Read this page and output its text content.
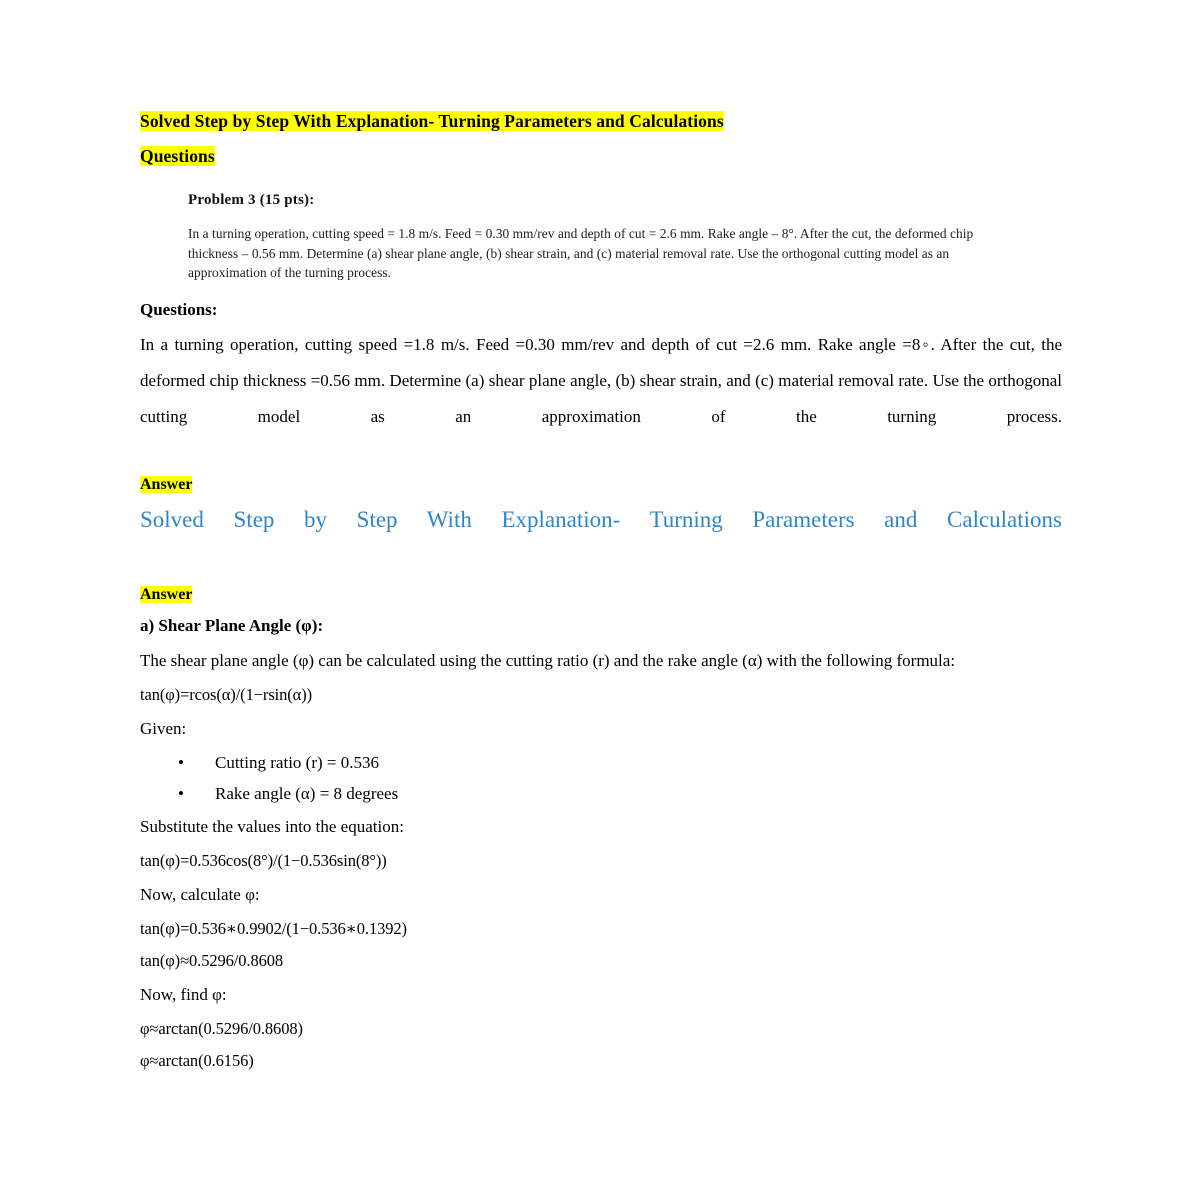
Solved Step by Step With Explanation- Turning Parameters and Calculations

Questions

Problem 3 (15 pts):

In a turning operation, cutting speed = 1.8 m/s. Feed = 0.30 mm/rev and depth of cut = 2.6 mm. Rake angle – 8°. After the cut, the deformed chip thickness – 0.56 mm. Determine (a) shear plane angle, (b) shear strain, and (c) material removal rate. Use the orthogonal cutting model as an approximation of the turning process.

Questions:

In a turning operation, cutting speed =1.8 m/s. Feed =0.30 mm/rev and depth of cut =2.6 mm. Rake angle =8◦. After the cut, the deformed chip thickness =0.56 mm. Determine (a) shear plane angle, (b) shear strain, and (c) material removal rate. Use the orthogonal cutting model as an approximation of the turning process.

Answer

Solved Step by Step With Explanation- Turning Parameters and Calculations

Answer

a) Shear Plane Angle (φ):

The shear plane angle (φ) can be calculated using the cutting ratio (r) and the rake angle (α) with the following formula:

tan(φ)=rcos(α)/(1−rsin(α))

Given:

• Cutting ratio (r) = 0.536
• Rake angle (α) = 8 degrees

Substitute the values into the equation:

tan(φ)=0.536cos(8°)/(1−0.536sin(8°))

Now, calculate φ:

tan(φ)=0.536∗0.9902/(1−0.536∗0.1392)

tan(φ)≈0.5296/0.8608

Now, find φ:

φ≈arctan(0.5296/0.8608)

φ≈arctan(0.6156)
